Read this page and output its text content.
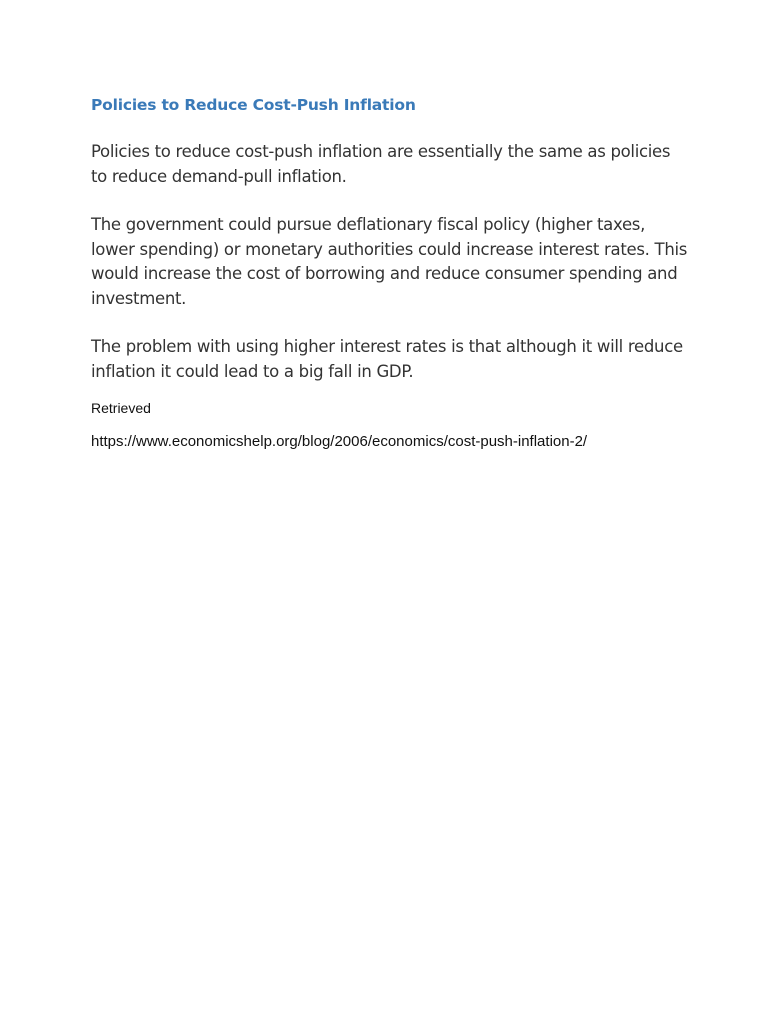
Policies to Reduce Cost-Push Inflation

Policies to reduce cost-push inflation are essentially the same as policies to reduce demand-pull inflation.

The government could pursue deflationary fiscal policy (higher taxes, lower spending) or monetary authorities could increase interest rates. This would increase the cost of borrowing and reduce consumer spending and investment.

The problem with using higher interest rates is that although it will reduce inflation it could lead to a big fall in GDP.

Retrieved

https://www.economicshelp.org/blog/2006/economics/cost-push-inflation-2/
